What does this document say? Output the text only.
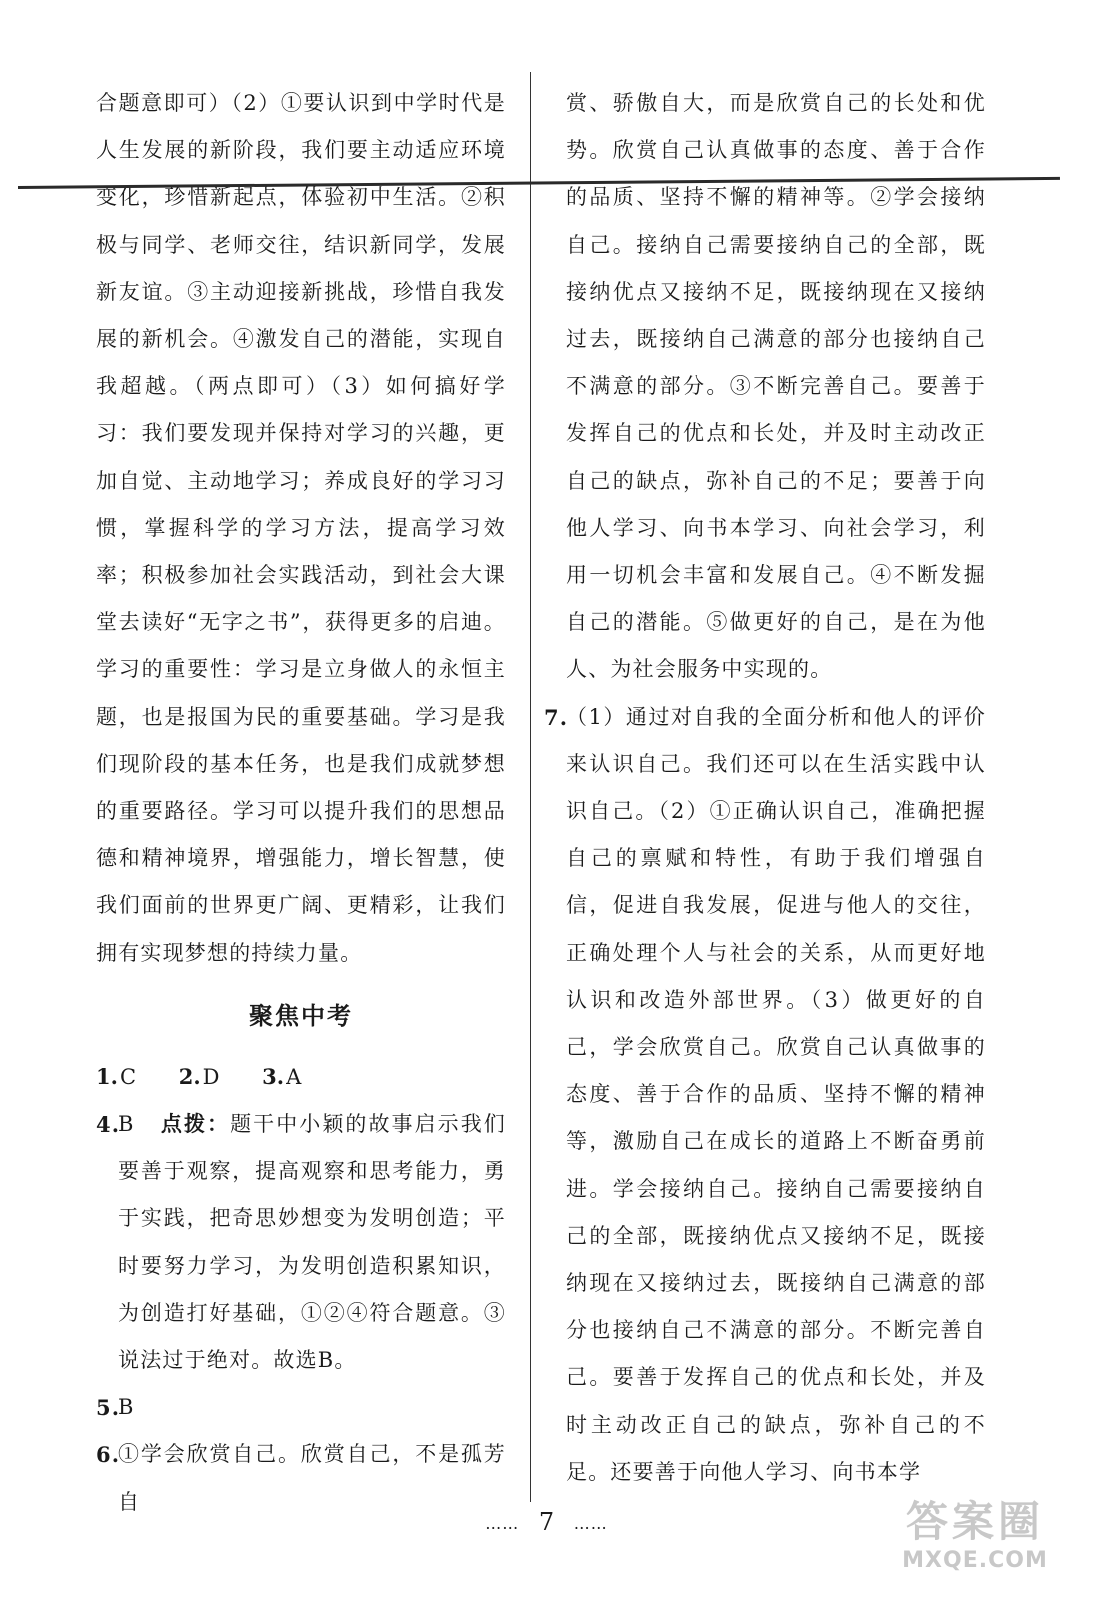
合题意即可）（2）①要认识到中学时代是人生发展的新阶段，我们要主动适应环境变化，珍惜新起点，体验初中生活。②积极与同学、老师交往，结识新同学，发展新友谊。③主动迎接新挑战，珍惜自我发展的新机会。④激发自己的潜能，实现自我超越。（两点即可）（3）如何搞好学习：我们要发现并保持对学习的兴趣，更加自觉、主动地学习；养成良好的学习习惯，掌握科学的学习方法，提高学习效率；积极参加社会实践活动，到社会大课堂去读好“无字之书”，获得更多的启迪。学习的重要性：学习是立身做人的永恒主题，也是报国为民的重要基础。学习是我们现阶段的基本任务，也是我们成就梦想的重要路径。学习可以提升我们的思想品德和精神境界，增强能力，增长智慧，使我们面前的世界更广阔、更精彩，让我们拥有实现梦想的持续力量。

聚焦中考
1.C 2.D 3.A
4.
B 点拨：题干中小颖的故事启示我们要善于观察，提高观察和思考能力，勇于实践，把奇思妙想变为发明创造；平时要努力学习，为发明创造积累知识，为创造打好基础，①②④符合题意。③说法过于绝对。故选B。
5.
B
6.
①学会欣赏自己。欣赏自己，不是孤芳自

赏、骄傲自大，而是欣赏自己的长处和优势。欣赏自己认真做事的态度、善于合作的品质、坚持不懈的精神等。②学会接纳自己。接纳自己需要接纳自己的全部，既接纳优点又接纳不足，既接纳现在又接纳过去，既接纳自己满意的部分也接纳自己不满意的部分。③不断完善自己。要善于发挥自己的优点和长处，并及时主动改正自己的缺点，弥补自己的不足；要善于向他人学习、向书本学习、向社会学习，利用一切机会丰富和发展自己。④不断发掘自己的潜能。⑤做更好的自己，是在为他人、为社会服务中实现的。

7.
（1）通过对自我的全面分析和他人的评价来认识自己。我们还可以在生活实践中认识自己。（2）①正确认识自己，准确把握自己的禀赋和特性，有助于我们增强自信，促进自我发展，促进与他人的交往，正确处理个人与社会的关系，从而更好地认识和改造外部世界。（3）做更好的自己，学会欣赏自己。欣赏自己认真做事的态度、善于合作的品质、坚持不懈的精神等，激励自己在成长的道路上不断奋勇前进。学会接纳自己。接纳自己需要接纳自己的全部，既接纳优点又接纳不足，既接纳现在又接纳过去，既接纳自己满意的部分也接纳自己不满意的部分。不断完善自己。要善于发挥自己的优点和长处，并及时主动改正自己的缺点，弥补自己的不足。还要善于向他人学习、向书本学
…… 7 ……	答案圈
MXQE.COM
